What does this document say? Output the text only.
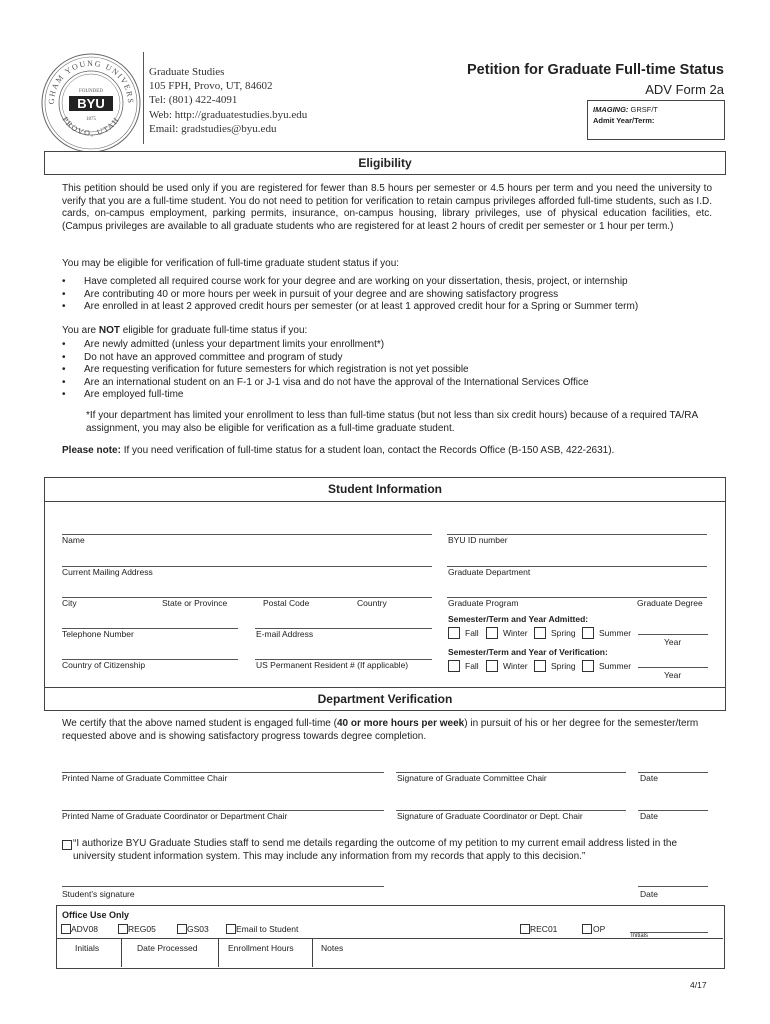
GHAM YOUNG UNIVERS
PROVO, UTAH
FOUNDED
BYU
1875
Graduate Studies
105 FPH, Provo, UT, 84602
Tel: (801) 422-4091
Web: http://graduatestudies.byu.edu
Email: gradstudies@byu.edu
Petition for Graduate Full-time Status
ADV Form 2a
IMAGING: GRSF/T
Admit Year/Term:
Eligibility
This petition should be used only if you are registered for fewer than 8.5 hours per semester or 4.5 hours per term and you need the university to verify that you are a full-time student. You do not need to petition for verification to retain campus privileges afforded full-time students, such as I.D. cards, on-campus employment, parking permits, insurance, on-campus housing, library privileges, use of physical education facilities, etc. (Campus privileges are available to all graduate students who are registered for at least 2 hours of credit per semester or 1 hour per term.)
You may be eligible for verification of full-time graduate student status if you:
• Have completed all required course work for your degree and are working on your dissertation, thesis, project, or internship
• Are contributing 40 or more hours per week in pursuit of your degree and are showing satisfactory progress
• Are enrolled in at least 2 approved credit hours per semester (or at least 1 approved credit hour for a Spring or Summer term)
You are NOT eligible for graduate full-time status if you:
• Are newly admitted (unless your department limits your enrollment*)
• Do not have an approved committee and program of study
• Are requesting verification for future semesters for which registration is not yet possible
• Are an international student on an F-1 or J-1 visa and do not have the approval of the International Services Office
• Are employed full-time
*If your department has limited your enrollment to less than full-time status (but not less than six credit hours) because of a required TA/RA assignment, you may also be eligible for verification as a full-time graduate student.
Please note: If you need verification of full-time status for a student loan, contact the Records Office (B-150 ASB, 422-2631).
Student Information
Name	BYU ID number
Current Mailing Address	Graduate Department
City	State or Province	Postal Code	Country	Graduate Program	Graduate Degree
Telephone Number	E-mail Address
Country of Citizenship	US Permanent Resident # (If applicable)
Semester/Term and Year Admitted:
Fall	Winter	Spring	Summer
Year
Semester/Term and Year of Verification:
Fall	Winter	Spring	Summer
Year
Department Verification
We certify that the above named student is engaged full-time (40 or more hours per week) in pursuit of his or her degree for the semester/term requested above and is showing satisfactory progress towards degree completion.
Printed Name of Graduate Committee Chair	Signature of Graduate Committee Chair	Date
Printed Name of Graduate Coordinator or Department Chair	Signature of Graduate Coordinator or Dept. Chair	Date
“I authorize BYU Graduate Studies staff to send me details regarding the outcome of my petition to my current email address listed in the university student information system. This may include any information from my records that apply to this decision.”
Student’s signature	Date
Office Use Only
ADV08	REG05	GS03	Email to Student	REC01	OP
Initials
Initials	Date Processed	Enrollment Hours	Notes
4/17
